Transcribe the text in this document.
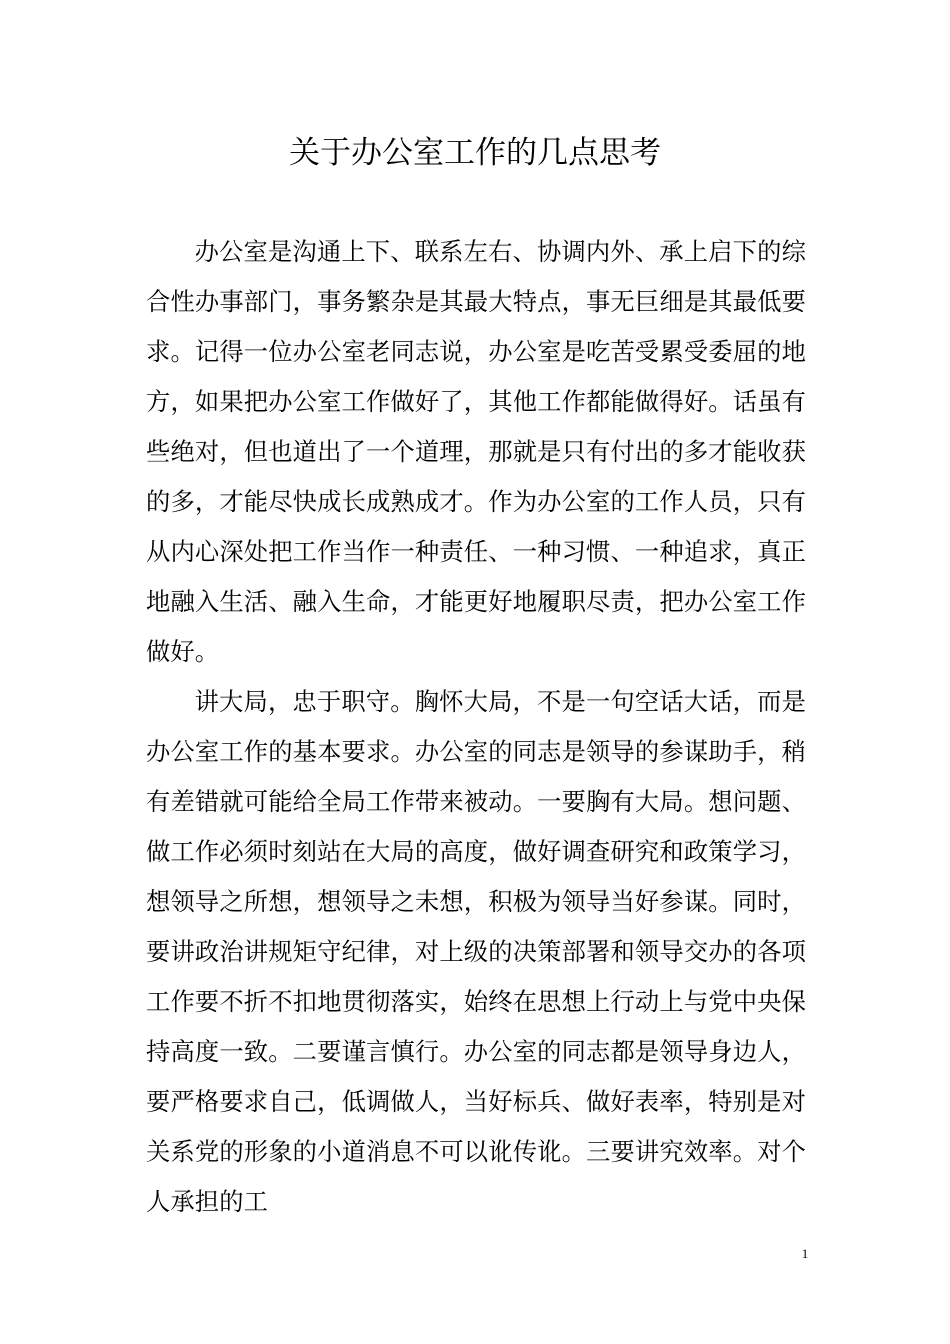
关于办公室工作的几点思考

办公室是沟通上下、联系左右、协调内外、承上启下的综合性办事部门，事务繁杂是其最大特点，事无巨细是其最低要求。记得一位办公室老同志说，办公室是吃苦受累受委屈的地方，如果把办公室工作做好了，其他工作都能做得好。话虽有些绝对，但也道出了一个道理，那就是只有付出的多才能收获的多，才能尽快成长成熟成才。作为办公室的工作人员，只有从内心深处把工作当作一种责任、一种习惯、一种追求，真正地融入生活、融入生命，才能更好地履职尽责，把办公室工作做好。

讲大局，忠于职守。胸怀大局，不是一句空话大话，而是办公室工作的基本要求。办公室的同志是领导的参谋助手，稍有差错就可能给全局工作带来被动。一要胸有大局。想问题、做工作必须时刻站在大局的高度，做好调查研究和政策学习，想领导之所想，想领导之未想，积极为领导当好参谋。同时，要讲政治讲规矩守纪律，对上级的决策部署和领导交办的各项工作要不折不扣地贯彻落实，始终在思想上行动上与党中央保持高度一致。二要谨言慎行。办公室的同志都是领导身边人，要严格要求自己，低调做人，当好标兵、做好表率，特别是对关系党的形象的小道消息不可以讹传讹。三要讲究效率。对个人承担的工

1
